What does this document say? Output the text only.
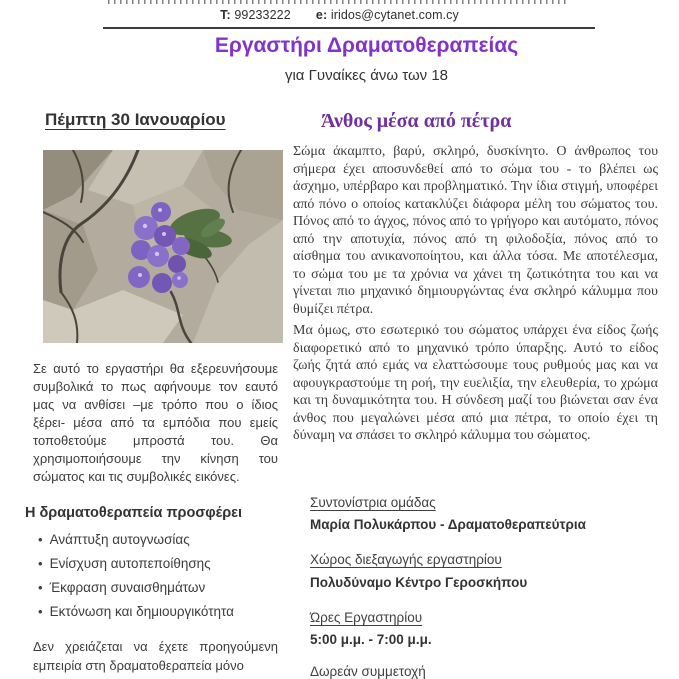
T: 99233222 e: iridos@cytanet.com.cy
Εργαστήρι Δραματοθεραπείας
για Γυναίκες άνω των 18
Πέμπτη 30 Ιανουαρίου
Σε αυτό το εργαστήρι θα εξερευνήσουμε συμβολικά το πως αφήνουμε τον εαυτό μας να ανθίσει –με τρόπο που ο ίδιος ξέρει- μέσα από τα εμπόδια που εμείς τοποθετούμε μπροστά του. Θα χρησιμοποιήσουμε την κίνηση του σώματος και τις συμβολικές εικόνες.
Η δραματοθεραπεία προσφέρει
• Ανάπτυξη αυτογνωσίας
• Ενίσχυση αυτοπεποίθησης
• Έκφραση συναισθημάτων
• Εκτόνωση και δημιουργικότητα
Δεν χρειάζεται να έχετε προηγούμενη εμπειρία στη δραματοθεραπεία μόνο
Άνθος μέσα από πέτρα
Σώμα άκαμπτο, βαρύ, σκληρό, δυσκίνητο. Ο άνθρωπος του σήμερα έχει αποσυνδεθεί από το σώμα του - το βλέπει ως άσχημο, υπέρβαρο και προβληματικό. Την ίδια στιγμή, υποφέρει από πόνο ο οποίος κατακλύζει διάφορα μέλη του σώματος του. Πόνος από το άγχος, πόνος από το γρήγορο και αυτόματο, πόνος από την αποτυχία, πόνος από τη φιλοδοξία, πόνος από το αίσθημα του ανικανοποίητου, και άλλα τόσα. Με αποτέλεσμα, το σώμα του με τα χρόνια να χάνει τη ζωτικότητα του και να γίνεται πιο μηχανικό δημιουργώντας ένα σκληρό κάλυμμα που θυμίζει πέτρα.
Μα όμως, στο εσωτερικό του σώματος υπάρχει ένα είδος ζωής διαφορετικό από το μηχανικό τρόπο ύπαρξης. Αυτό το είδος ζωής ζητά από εμάς να ελαττώσουμε τους ρυθμούς μας και να αφουγκραστούμε τη ροή, την ευελιξία, την ελευθερία, το χρώμα και τη δυναμικότητα του. Η σύνδεση μαζί του βιώνεται σαν ένα άνθος που μεγαλώνει μέσα από μια πέτρα, το οποίο έχει τη δύναμη να σπάσει το σκληρό κάλυμμα του σώματος.
Συντονίστρια ομάδας
Μαρία Πολυκάρπου - Δραματοθεραπεύτρια
Χώρος διεξαγωγής εργαστηρίου
Πολυδύναμο Κέντρο Γεροσκήπου
Ώρες Εργαστηρίου
5:00 μ.μ. - 7:00 μ.μ.
Δωρεάν συμμετοχή
